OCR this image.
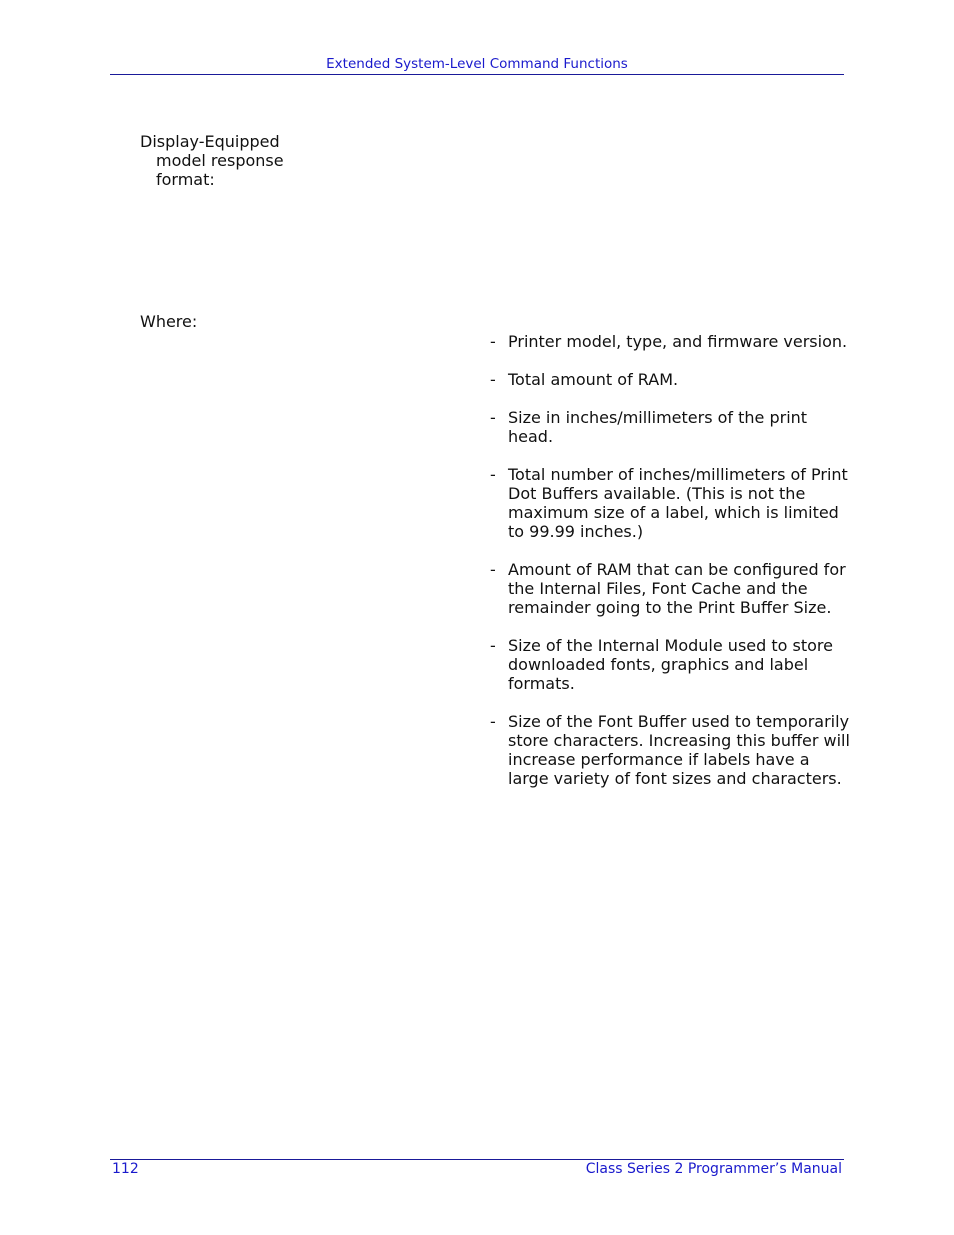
Extended System-Level Command Functions
Display-Equipped
model response
format:
Where:
- Printer model, type, and firmware version.
- Total amount of RAM.
- Size in inches/millimeters of the print head.
- Total number of inches/millimeters of Print Dot Buffers available. (This is not the maximum size of a label, which is limited to 99.99 inches.)
- Amount of RAM that can be configured for the Internal Files, Font Cache and the remainder going to the Print Buffer Size.
- Size of the Internal Module used to store downloaded fonts, graphics and label formats.
- Size of the Font Buffer used to temporarily store characters. Increasing this buffer will increase performance if labels have a large variety of font sizes and characters.
112	Class Series 2 Programmer’s Manual
